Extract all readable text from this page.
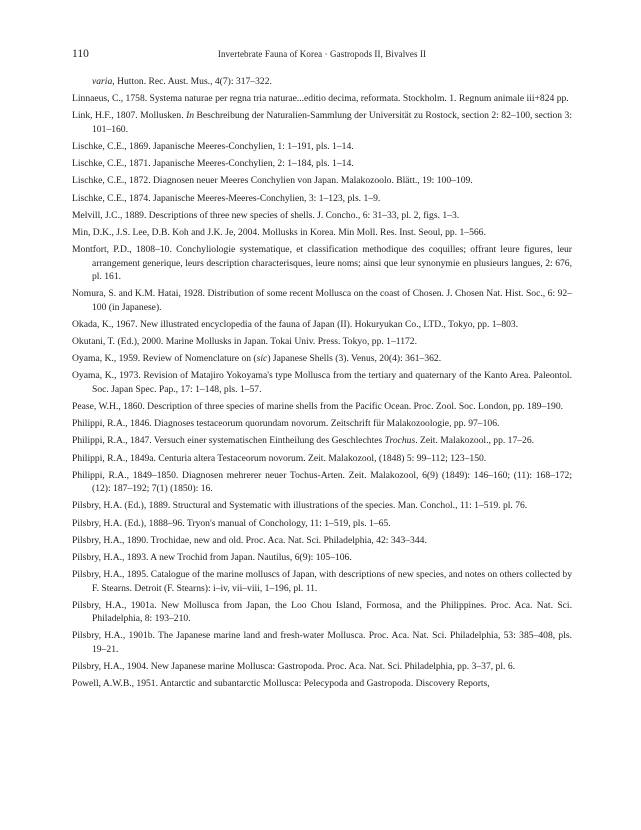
110	Invertebrate Fauna of Korea · Gastropods II, Bivalves II

varia, Hutton. Rec. Aust. Mus., 4(7): 317–322.

Linnaeus, C., 1758. Systema naturae per regna tria naturae...editio decima, reformata. Stockholm. 1. Regnum animale iii+824 pp.

Link, H.F., 1807. Mollusken. In Beschreibung der Naturalien-Sammlung der Universität zu Rostock, section 2: 82–100, section 3: 101–160.

Lischke, C.E., 1869. Japanische Meeres-Conchylien, 1: 1–191, pls. 1–14.

Lischke, C.E., 1871. Japanische Meeres-Conchylien, 2: 1–184, pls. 1–14.

Lischke, C.E., 1872. Diagnosen neuer Meeres Conchylien von Japan. Malakozoolo. Blätt., 19: 100–109.

Lischke, C.E., 1874. Japanische Meeres-Meeres-Conchylien, 3: 1–123, pls. 1–9.

Melvill, J.C., 1889. Descriptions of three new species of shells. J. Concho., 6: 31–33, pl. 2, figs. 1–3.

Min, D.K., J.S. Lee, D.B. Koh and J.K. Je, 2004. Mollusks in Korea. Min Moll. Res. Inst. Seoul, pp. 1–566.

Montfort, P.D., 1808–10. Conchyliologie systematique, et classification methodique des coquilles; offrant leure figures, leur arrangement generique, leurs description characterisques, leure noms; ainsi que leur synonymie en plusieurs langues, 2: 676, pl. 161.

Nomura, S. and K.M. Hatai, 1928. Distribution of some recent Mollusca on the coast of Chosen. J. Chosen Nat. Hist. Soc., 6: 92–100 (in Japanese).

Okada, K., 1967. New illustrated encyclopedia of the fauna of Japan (II). Hokuryukan Co., LTD., Tokyo, pp. 1–803.

Okutani, T. (Ed.), 2000. Marine Mollusks in Japan. Tokai Univ. Press. Tokyo, pp. 1–1172.

Oyama, K., 1959. Review of Nomenclature on (sic) Japanese Shells (3). Venus, 20(4): 361–362.

Oyama, K., 1973. Revision of Matajiro Yokoyama's type Mollusca from the tertiary and quaternary of the Kanto Area. Paleontol. Soc. Japan Spec. Pap., 17: 1–148, pls. 1–57.

Pease, W.H., 1860. Description of three species of marine shells from the Pacific Ocean. Proc. Zool. Soc. London, pp. 189–190.

Philippi, R.A., 1846. Diagnoses testaceorum quorundam novorum. Zeitschrift für Malakozoologie, pp. 97–106.

Philippi, R.A., 1847. Versuch einer systematischen Eintheilung des Geschlechtes Trochus. Zeit. Malakozool., pp. 17–26.

Philippi, R.A., 1849a. Centuria altera Testaceorum novorum. Zeit. Malakozool, (1848) 5: 99–112; 123–150.

Philippi, R.A., 1849–1850. Diagnosen mehrerer neuer Tochus-Arten. Zeit. Malakozool, 6(9) (1849): 146–160; (11): 168–172; (12): 187–192; 7(1) (1850): 16.

Pilsbry, H.A. (Ed.), 1889. Structural and Systematic with illustrations of the species. Man. Conchol., 11: 1–519. pl. 76.

Pilsbry, H.A. (Ed.), 1888–96. Tryon's manual of Conchology, 11: 1–519, pls. 1–65.

Pilsbry, H.A., 1890. Trochidae, new and old. Proc. Aca. Nat. Sci. Philadelphia, 42: 343–344.

Pilsbry, H.A., 1893. A new Trochid from Japan. Nautilus, 6(9): 105–106.

Pilsbry, H.A., 1895. Catalogue of the marine molluscs of Japan, with descriptions of new species, and notes on others collected by F. Stearns. Detroit (F. Stearns): i–iv, vii–viii, 1–196, pl. 11.

Pilsbry, H.A., 1901a. New Mollusca from Japan, the Loo Chou Island, Formosa, and the Philippines. Proc. Aca. Nat. Sci. Philadelphia, 8: 193–210.

Pilsbry, H.A., 1901b. The Japanese marine land and fresh-water Mollusca. Proc. Aca. Nat. Sci. Philadelphia, 53: 385–408, pls. 19–21.

Pilsbry, H.A., 1904. New Japanese marine Mollusca: Gastropoda. Proc. Aca. Nat. Sci. Philadelphia, pp. 3–37, pl. 6.

Powell, A.W.B., 1951. Antarctic and subantarctic Mollusca: Pelecypoda and Gastropoda. Discovery Reports,
